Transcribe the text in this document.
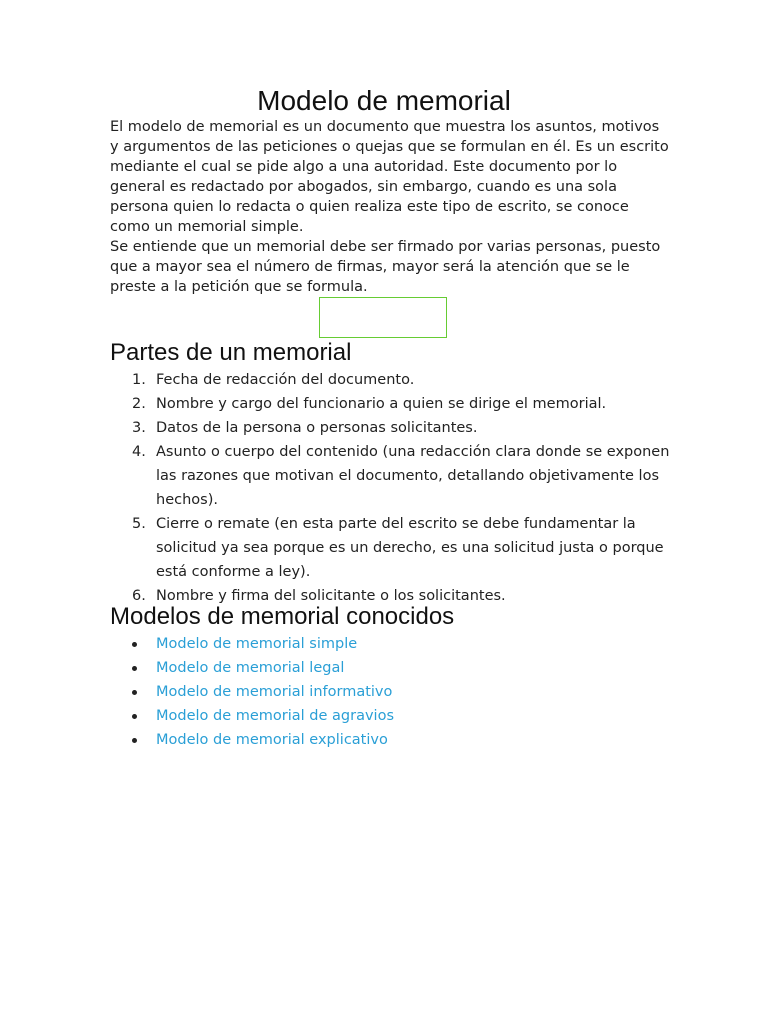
Modelo de memorial

El modelo de memorial es un documento que muestra los asuntos, motivos y argumentos de las peticiones o quejas que se formulan en él. Es un escrito mediante el cual se pide algo a una autoridad. Este documento por lo general es redactado por abogados, sin embargo, cuando es una sola persona quien lo redacta o quien realiza este tipo de escrito, se conoce como un memorial simple.

Se entiende que un memorial debe ser firmado por varias personas, puesto que a mayor sea el número de firmas, mayor será la atención que se le preste a la petición que se formula.

Partes de un memorial
1. Fecha de redacción del documento.
2. Nombre y cargo del funcionario a quien se dirige el memorial.
3. Datos de la persona o personas solicitantes.
4. Asunto o cuerpo del contenido (una redacción clara donde se exponen las razones que motivan el documento, detallando objetivamente los hechos).
5. Cierre o remate (en esta parte del escrito se debe fundamentar la solicitud ya sea porque es un derecho, es una solicitud justa o porque está conforme a ley).
6. Nombre y firma del solicitante o los solicitantes.
Modelos de memorial conocidos
Modelo de memorial simple
Modelo de memorial legal
Modelo de memorial informativo
Modelo de memorial de agravios
Modelo de memorial explicativo
